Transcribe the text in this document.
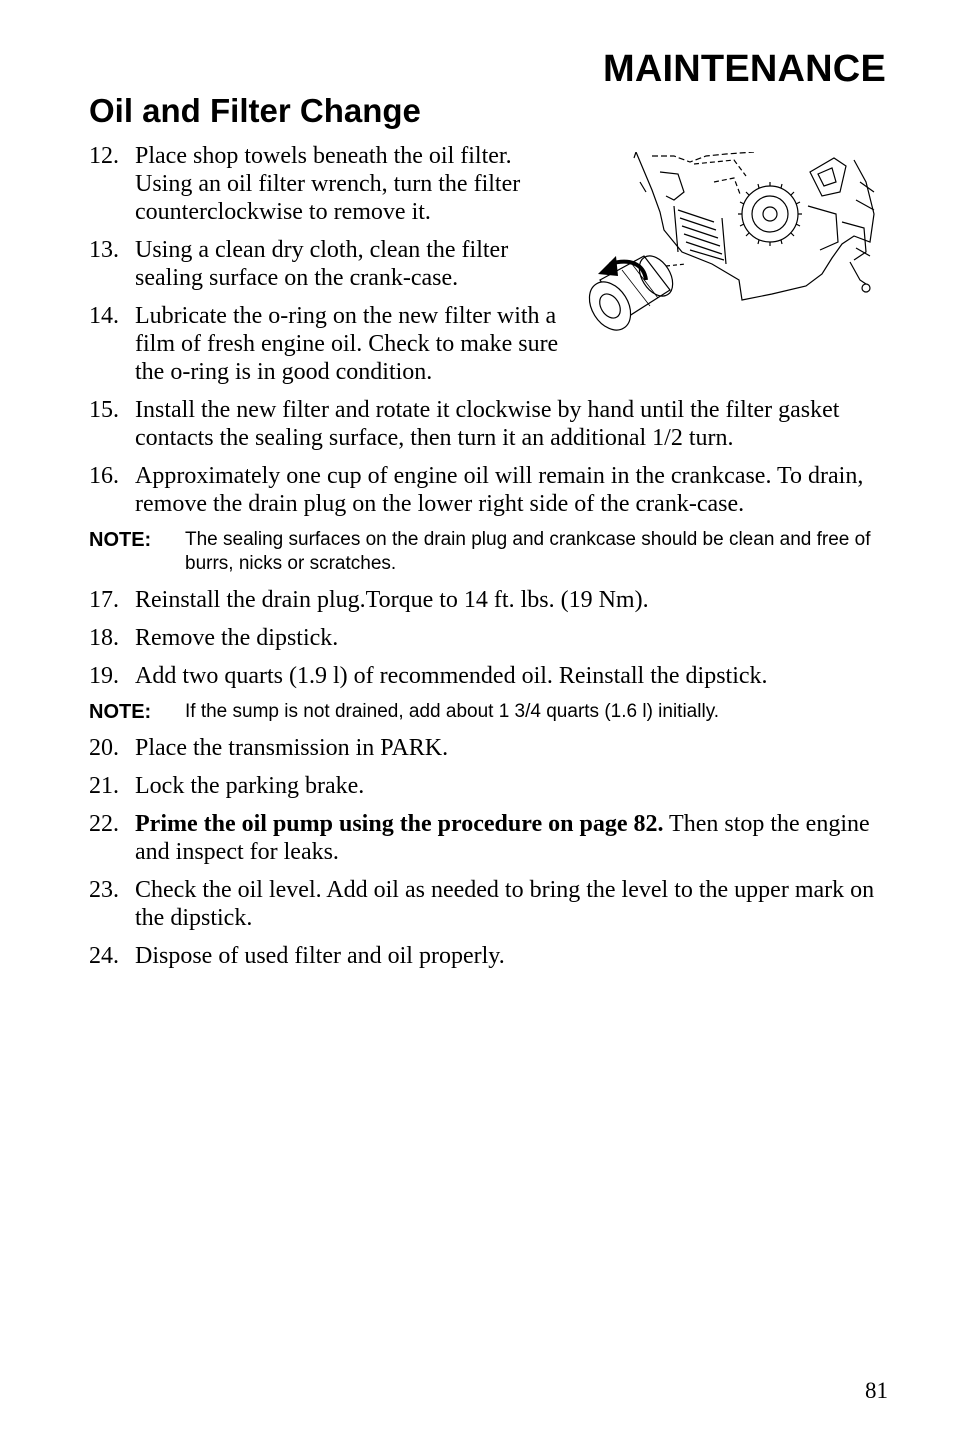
MAINTENANCE
Oil and Filter Change
12. Place shop towels beneath the oil filter. Using an oil filter wrench, turn the filter counterclockwise to remove it.
13. Using a clean dry cloth, clean the filter sealing surface on the crank-case.
14. Lubricate the o-ring on the new filter with a film of fresh engine oil. Check to make sure the o-ring is in good condition.
15. Install the new filter and rotate it clockwise by hand until the filter gasket contacts the sealing surface, then turn it an additional 1/2 turn.
16. Approximately one cup of engine oil will remain in the crankcase. To drain, remove the drain plug on the lower right side of the crank-case.
NOTE: The sealing surfaces on the drain plug and crankcase should be clean and free of burrs, nicks or scratches.
17. Reinstall the drain plug.Torque to 14 ft. lbs. (19 Nm).
18. Remove the dipstick.
19. Add two quarts (1.9 l) of recommended oil. Reinstall the dipstick.
NOTE: If the sump is not drained, add about 1 3/4 quarts (1.6 l) initially.
20. Place the transmission in PARK.
21. Lock the parking brake.
22. Prime the oil pump using the procedure on page 82. Then stop the engine and inspect for leaks.
23. Check the oil level. Add oil as needed to bring the level to the upper mark on the dipstick.
24. Dispose of used filter and oil properly.
81
